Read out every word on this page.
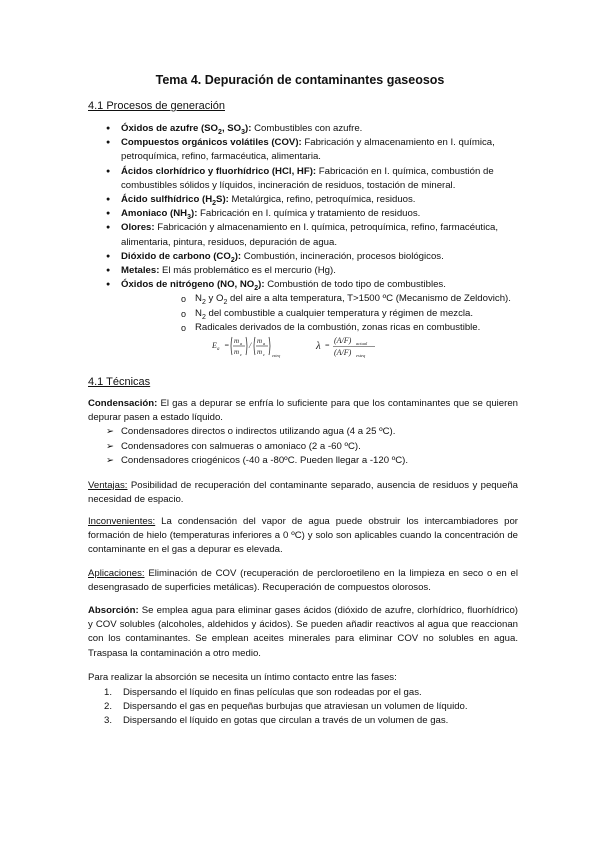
Tema 4. Depuración de contaminantes gaseosos
4.1 Procesos de generación
● Óxidos de azufre ($SO_2$, $SO_3$): Combustibles con azufre.
● Compuestos orgánicos volátiles (COV): Fabricación y almacenamiento en I. química, petroquímica, refino, farmacéutica, alimentaria.
● Ácidos clorhídrico y fluorhídrico (HCl, HF): Fabricación en I. química, combustión de combustibles sólidos y líquidos, incineración de residuos, tostación de mineral.
● Ácido sulfhídrico $(H_2S)$: Metalúrgica, refino, petroquímica, residuos.
● Amoniaco $(NH_3)$: Fabricación en I. química y tratamiento de residuos.
● Olores: Fabricación y almacenamiento en I. química, petroquímica, refino, farmacéutica, alimentaria, pintura, residuos, depuración de agua.
● Dióxido de carbono $(CO_2)$: Combustión, incineración, procesos biológicos.
● Metales: El más problemático es el mercurio (Hg).
● Óxidos de nitrógeno (NO, $NO_2$): Combustión de todo tipo de combustibles.
o $N_2$ y $O_2$ del aire a alta temperatura, T>1500 ºC (Mecanismo de Zeldovich).
o $N_2$ del combustible a cualquier temperatura y régimen de mezcla.
o Radicales derivados de la combustión, zonas ricas en combustible.
E a = m a
m c
/ m a
m c esteq
λ =
(A/F) actual
(A/F) esteq
4.1 Técnicas
Condensación: El gas a depurar se enfría lo suficiente para que los contaminantes que se quieren depurar pasen a estado líquido.
➢ Condensadores directos o indirectos utilizando agua (4 a 25 ºC).
➢ Condensadores con salmueras o amoniaco (2 a -60 ºC).
➢ Condensadores criogénicos (-40 a -80ºC. Pueden llegar a -120 ºC).
Ventajas: Posibilidad de recuperación del contaminante separado, ausencia de residuos y pequeña necesidad de espacio.
Inconvenientes: La condensación del vapor de agua puede obstruir los intercambiadores por formación de hielo (temperaturas inferiores a 0 ºC) y solo son aplicables cuando la concentración de contaminante en el gas a depurar es elevada.
Aplicaciones: Eliminación de COV (recuperación de percloroetileno en la limpieza en seco o en el desengrasado de superficies metálicas). Recuperación de compuestos olorosos.
Absorción: Se emplea agua para eliminar gases ácidos (dióxido de azufre, clorhídrico, fluorhídrico) y COV solubles (alcoholes, aldehidos y ácidos). Se pueden añadir reactivos al agua que reaccionan con los contaminantes. Se emplean aceites minerales para eliminar COV no solubles en agua. Traspasa la contaminación a otro medio.
Para realizar la absorción se necesita un íntimo contacto entre las fases:
1. Dispersando el líquido en finas películas que son rodeadas por el gas.
2. Dispersando el gas en pequeñas burbujas que atraviesan un volumen de líquido.
3. Dispersando el líquido en gotas que circulan a través de un volumen de gas.
